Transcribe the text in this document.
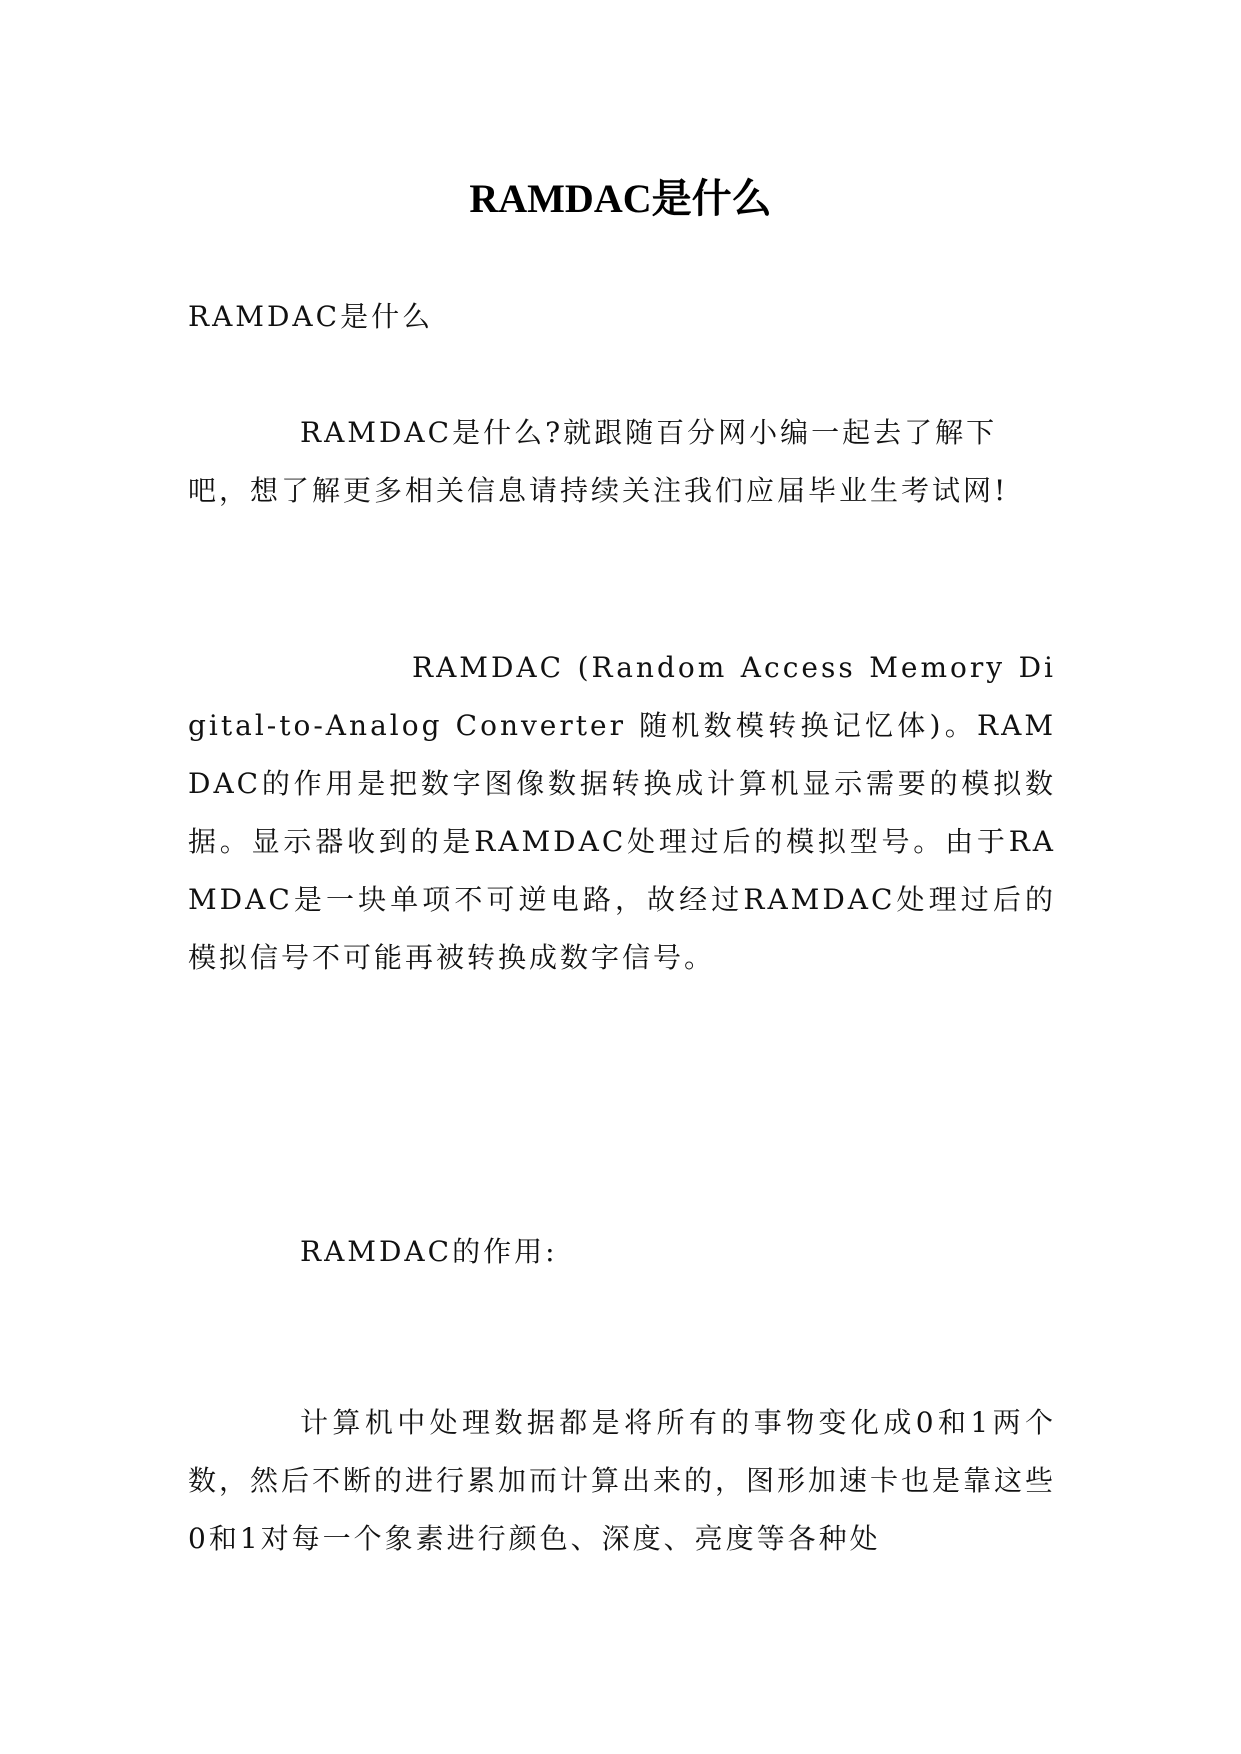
RAMDAC是什么

RAMDAC是什么

RAMDAC是什么?就跟随百分网小编一起去了解下吧，想了解更多相关信息请持续关注我们应届毕业生考试网!

RAMDAC (Random Access Memory Digital-to-Analog Converter 随机数模转换记忆体)。RAMDAC的作用是把数字图像数据转换成计算机显示需要的模拟数据。显示器收到的是RAMDAC处理过后的模拟型号。由于RAMDAC是一块单项不可逆电路，故经过RAMDAC处理过后的模拟信号不可能再被转换成数字信号。

RAMDAC的作用:

计算机中处理数据都是将所有的事物变化成0和1两个数，然后不断的进行累加而计算出来的，图形加速卡也是靠这些0和1对每一个象素进行颜色、深度、亮度等各种处
